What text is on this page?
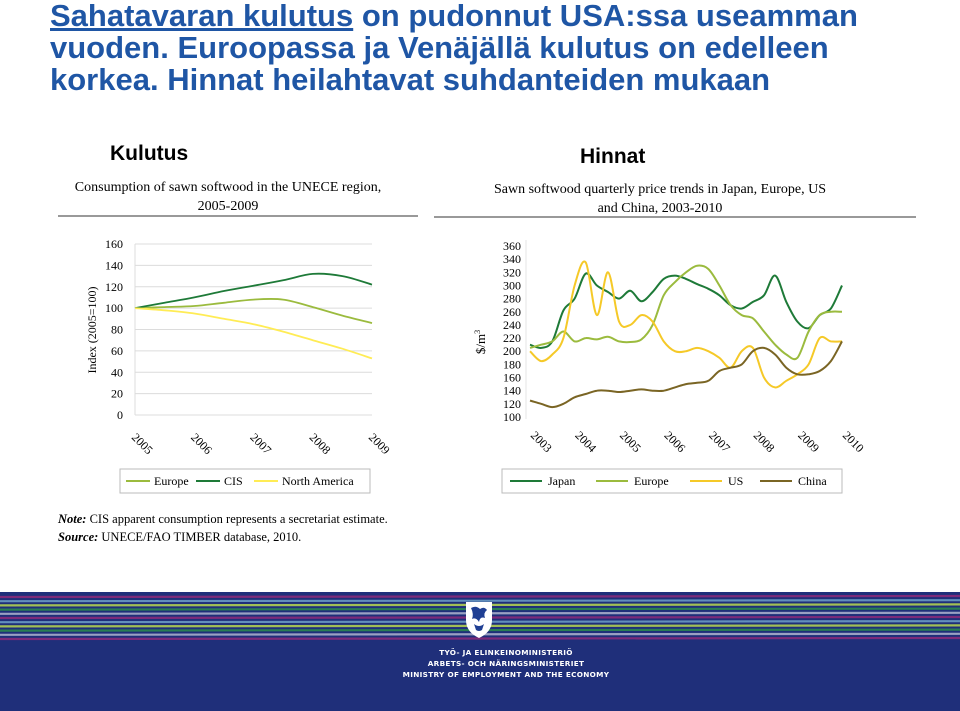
Sahatavaran kulutus on pudonnut USA:ssa useamman
vuoden. Euroopassa ja Venäjällä kulutus on edelleen
korkea. Hinnat heilahtavat suhdanteiden mukaan
Kulutus	Hinnat
Consumption of sawn softwood in the UNECE region,
2005-2009
Index (2005=100)
0
20
40
60
80
100
120
140
160
2005	2006	2007	2008	2009
Europe	CIS	North America
Sawn softwood quarterly price trends in Japan, Europe, US
and China, 2003-2010
$\$/m^3$
100
120
140
160
180
200
220
240
260
280
300
320
340
360
2003 2004 2005 2006 2007 2008 2009 2010
Japan	Europe	US	China
Note: CIS apparent consumption represents a secretariat estimate.
Source: UNECE/FAO TIMBER database, 2010.
TYÖ- JA ELINKEINOMINISTERIÖ
ARBETS- OCH NÄRINGSMINISTERIET
MINISTRY OF EMPLOYMENT AND THE ECONOMY
